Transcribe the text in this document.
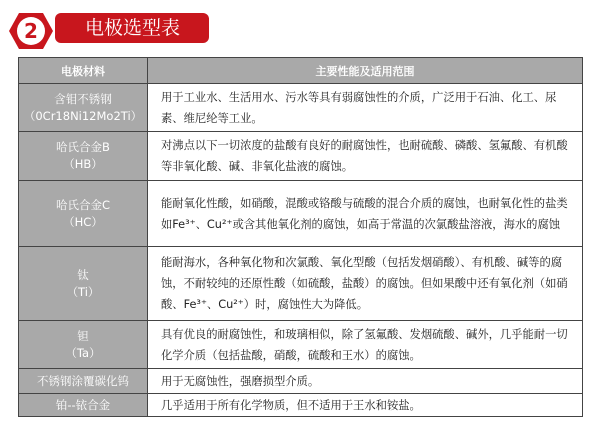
电极选型表
2
电极材料	主要性能及适用范围

含钼不锈钢
（0Cr18Ni12Mo2Ti）	用于工业水、生活用水、污水等具有弱腐蚀性的介质，广泛用于石油、化工、尿素、维尼纶等工业。

哈氏合金B
（HB）	对沸点以下一切浓度的盐酸有良好的耐腐蚀性，也耐硫酸、磷酸、氢氟酸、有机酸等非氧化酸、碱、非氧化盐液的腐蚀。

哈氏合金C
（HC）	能耐氧化性酸，如硝酸，混酸或铬酸与硫酸的混合介质的腐蚀，也耐氧化性的盐类如Fe³⁺、Cu²⁺或含其他氧化剂的腐蚀，如高于常温的次氯酸盐溶液，海水的腐蚀

钛
（Ti）	能耐海水，各种氧化物和次氯酸、氧化型酸（包括发烟硝酸）、有机酸、碱等的腐蚀，不耐较纯的还原性酸（如硫酸，盐酸）的腐蚀。但如果酸中还有氧化剂（如硝酸、Fe³⁺、Cu²⁺）时，腐蚀性大为降低。

钽
（Ta）	具有优良的耐腐蚀性，和玻璃相似，除了氢氟酸、发烟硫酸、碱外，几乎能耐一切化学介质（包括盐酸，硝酸，硫酸和王水）的腐蚀。

不锈钢涂覆碳化钨	用于无腐蚀性，强磨损型介质。

铂--铱合金	几乎适用于所有化学物质，但不适用于王水和铵盐。
